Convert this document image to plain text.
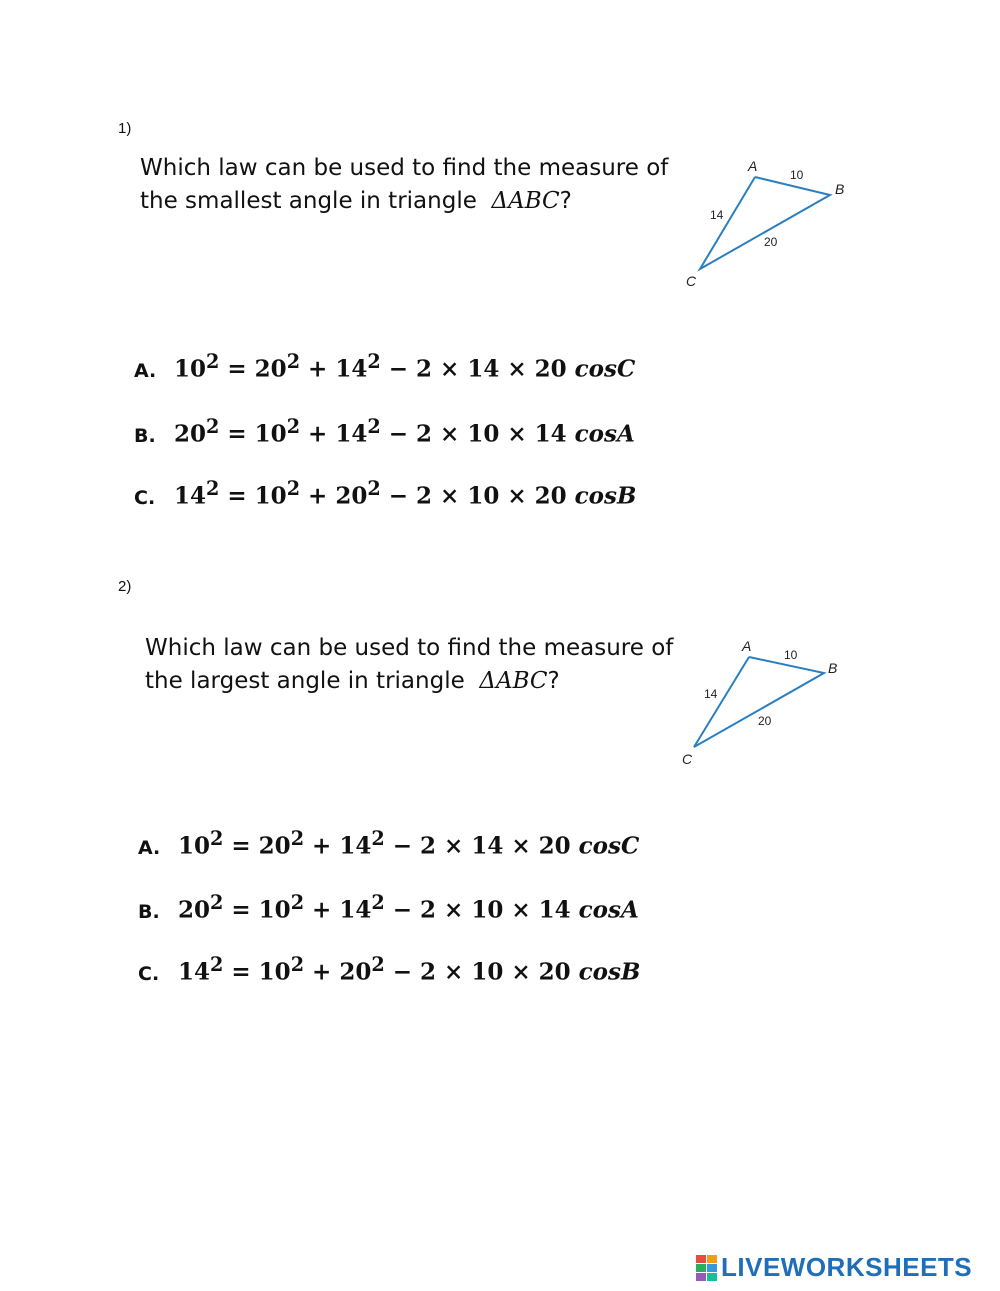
1)
Which law can be used to find the measure of
the smallest angle in triangle ΔABC?
A
B
C
10
14
20
A. $10^2 = 20^2 + 14^2 - 2 \times 14 \times 20$ cosC
B. $20^2 = 10^2 + 14^2 - 2 \times 10 \times 14$ cosA
C. $14^2 = 10^2 + 20^2 - 2 \times 10 \times 20$ cosB
2)
Which law can be used to find the measure of
the largest angle in triangle ΔABC?
A
B
C
10
14
20
A. $10^2 = 20^2 + 14^2 - 2 \times 14 \times 20$ cosC
B. $20^2 = 10^2 + 14^2 - 2 \times 10 \times 14$ cosA
C. $14^2 = 10^2 + 20^2 - 2 \times 10 \times 20$ cosB
LIVEWORKSHEETS
